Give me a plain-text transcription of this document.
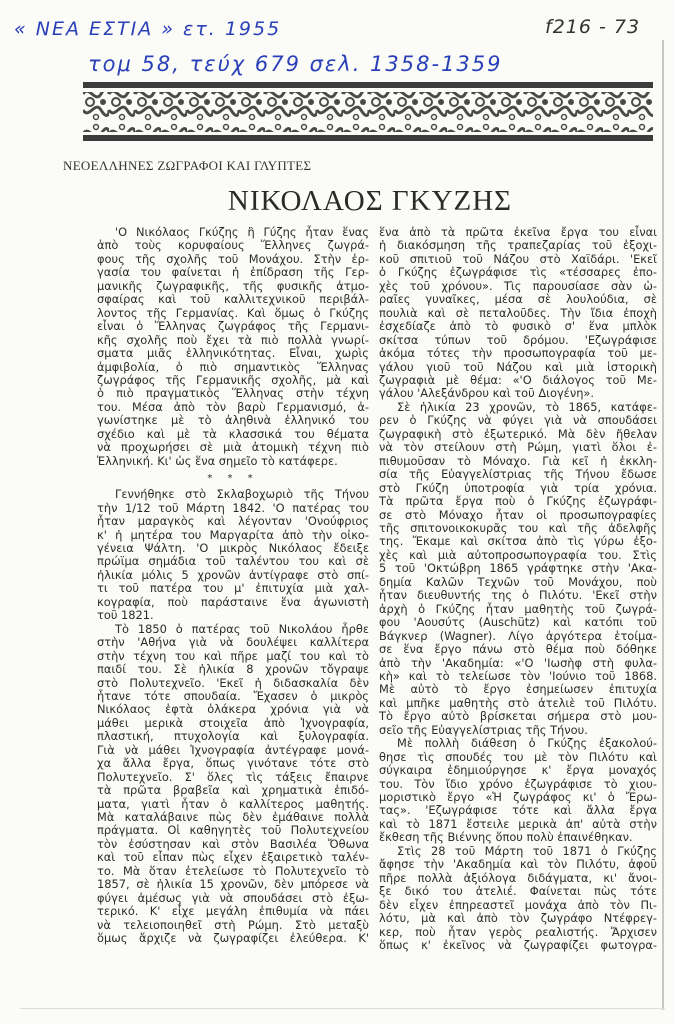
« ΝΕΑ ΕΣΤΙΑ » ετ. 1955
τομ 58, τεύχ 679 σελ. 1358-1359
f216 - 73
ΝΕΟΕΛΛΗΝΕΣ ΖΩΓΡΑΦΟΙ ΚΑΙ ΓΛΥΠΤΕΣ
ΝΙΚΟΛΑΟΣ ΓΚΥΖΗΣ
'Ο Νικόλαος Γκύζης ἢ Γύζης ἦταν ἕνας
ἀπὸ τοὺς κορυφαίους Ἕλληνες ζωγρά-
φους τῆς σχολῆς τοῦ Μονάχου. Στὴν ἐρ-
γασία του φαίνεται ἡ ἐπίδραση τῆς Γερ-
μανικῆς ζωγραφικῆς, τῆς φυσικῆς ἀτμο-
σφαίρας καὶ τοῦ καλλιτεχνικοῦ περιβάλ-
λοντος τῆς Γερμανίας. Καὶ ὅμως ὁ Γκύζης
εἶναι ὁ Ἕλληνας ζωγράφος τῆς Γερμανι-
κῆς σχολῆς ποὺ ἔχει τὰ πιὸ πολλὰ γνωρί-
σματα μιᾶς ἑλληνικότητας. Εἶναι, χωρὶς
ἀμφιβολία, ὁ πιὸ σημαντικὸς Ἕλληνας
ζωγράφος τῆς Γερμανικῆς σχολῆς, μὰ καὶ
ὁ πιὸ πραγματικὸς Ἕλληνας στὴν τέχνη
του. Μέσα ἀπὸ τὸν βαρὺ Γερμανισμό, ἀ-
γωνίστηκε μὲ τὸ ἀληθινὰ ἑλληνικό του
σχέδιο καὶ μὲ τὰ κλασσικά του θέματα
νὰ προχωρήσει σὲ μιὰ ἀτομικὴ τέχνη πιὸ
Ἑλληνική. Κι' ὡς ἕνα σημεῖο τὸ κατάφερε.
* * *
Γεννήθηκε στὸ Σκλαβοχωριὸ τῆς Τήνου
τὴν 1/12 τοῦ Μάρτη 1842. 'Ο πατέρας του
ἦταν μαραγκὸς καὶ λέγονταν 'Ονούφριος
κ' ἡ μητέρα του Μαργαρίτα ἀπὸ τὴν οἰκο-
γένεια Ψάλτη. 'Ο μικρὸς Νικόλαος ἔδειξε
πρώϊμα σημάδια τοῦ ταλέντου του καὶ σὲ
ἡλικία μόλις 5 χρονῶν ἀντίγραφε στὸ σπί-
τι τοῦ πατέρα του μ' ἐπιτυχία μιὰ χαλ-
κογραφία, ποὺ παράσταινε ἕνα ἀγωνιστὴ
τοῦ 1821.
Τὸ 1850 ὁ πατέρας τοῦ Νικολάου ἦρθε
στὴν 'Αθήνα γιὰ νὰ δουλέψει καλλίτερα
στὴν τέχνη του καὶ πῆρε μαζί του καὶ τὸ
παιδί του. Σὲ ἡλικία 8 χρονῶν τὄγραψε
στὸ Πολυτεχνεῖο. 'Εκεῖ ἡ διδασκαλία δὲν
ἦτανε τότε σπουδαία. Ἔχασεν ὁ μικρὸς
Νικόλαος ἑφτὰ ὁλάκερα χρόνια γιὰ νὰ
μάθει μερικὰ στοιχεῖα ἀπὸ Ἰχνογραφία,
πλαστική, πτυχολογία καὶ ξυλογραφία.
Γιὰ νὰ μάθει Ἰχνογραφία ἀντέγραφε μονά-
χα ἄλλα ἔργα, ὅπως γινότανε τότε στὸ
Πολυτεχνεῖο. Σ' ὅλες τὶς τάξεις ἔπαιρνε
τὰ πρῶτα βραβεῖα καὶ χρηματικὰ ἐπιδό-
ματα, γιατὶ ἦταν ὁ καλλίτερος μαθητής.
Μὰ καταλάβαινε πὼς δὲν ἐμάθαινε πολλὰ
πράγματα. Οἱ καθηγητὲς τοῦ Πολυτεχνείου
τὸν ἐσύστησαν καὶ στὸν Βασιλέα Ὄθωνα
καὶ τοῦ εἶπαν πὼς εἶχεν ἐξαιρετικὸ ταλέν-
το. Μὰ ὅταν ἐτελείωσε τὸ Πολυτεχνεῖο τὸ
1857, σὲ ἡλικία 15 χρονῶν, δὲν μπόρεσε νὰ
φύγει ἀμέσως γιὰ νὰ σπουδάσει στὸ ἐξω-
τερικό. Κ' εἶχε μεγάλη ἐπιθυμία νὰ πάει
νὰ τελειοποιηθεῖ στὴ Ρώμη. Στὸ μεταξὺ
ὅμως ἄρχιζε νὰ ζωγραφίζει ἐλεύθερα. Κ'
ἕνα ἀπὸ τὰ πρῶτα ἐκεῖνα ἔργα του εἶναι
ἡ διακόσμηση τῆς τραπεζαρίας τοῦ ἐξοχι-
κοῦ σπιτιοῦ τοῦ Νάζου στὸ Χαϊδάρι. 'Εκεῖ
ὁ Γκύζης ἐζωγράφισε τὶς «τέσσαρες ἐπο-
χὲς τοῦ χρόνου». Τὶς παρουσίασε σὰν ὡ-
ραῖες γυναῖκες, μέσα σὲ λουλούδια, σὲ
πουλιὰ καὶ σὲ πεταλοῦδες. Τὴν ἴδια ἐποχὴ
ἐσχεδίαζε ἀπὸ τὸ φυσικὸ σ' ἕνα μπλὸκ
σκίτσα τύπων τοῦ δρόμου. 'Εζωγράφισε
ἀκόμα τότες τὴν προσωπογραφία τοῦ με-
γάλου γιοῦ τοῦ Νάζου καὶ μιὰ ἱστορικὴ
ζωγραφιὰ μὲ θέμα: «'Ο διάλογος τοῦ Με-
γάλου 'Αλεξάνδρου καὶ τοῦ Διογένη».
Σὲ ἡλικία 23 χρονῶν, τὸ 1865, κατάφε-
ρεν ὁ Γκύζης νὰ φύγει γιὰ νὰ σπουδάσει
ζωγραφικὴ στὸ ἐξωτερικό. Μὰ δὲν ἤθελαν
νὰ τὸν στείλουν στὴ Ρώμη, γιατὶ ὅλοι ἐ-
πιθυμοῦσαν τὸ Μόναχο. Γιὰ κεῖ ἡ ἐκκλη-
σία τῆς Εὐαγγελίστριας τῆς Τήνου ἔδωσε
στὸ Γκύζη ὑποτροφία γιὰ τρία χρόνια.
Τὰ πρῶτα ἔργα ποὺ ὁ Γκύζης ἐζωγράφι-
σε στὸ Μόναχο ἦταν οἱ προσωπογραφίες
τῆς σπιτονοικοκυρᾶς του καὶ τῆς ἀδελφῆς
της. Ἔκαμε καὶ σκίτσα ἀπὸ τὶς γύρω ἐξο-
χὲς καὶ μιὰ αὐτοπροσωπογραφία του. Στὶς
5 τοῦ 'Οκτώβρη 1865 γράφτηκε στὴν 'Ακα-
δημία Καλῶν Τεχνῶν τοῦ Μονάχου, ποὺ
ἦταν διευθυντής της ὁ Πιλότυ. 'Εκεῖ στὴν
ἀρχὴ ὁ Γκύζης ἦταν μαθητὴς τοῦ ζωγρά-
φου 'Αουσύτς (Auschütz) καὶ κατόπι τοῦ
Βάγκνερ (Wagner). Λίγο ἀργότερα ἑτοίμα-
σε ἕνα ἔργο πάνω στὸ θέμα ποὺ δόθηκε
ἀπὸ τὴν 'Ακαδημία: «'Ο 'Ιωσὴφ στὴ φυλα-
κὴ» καὶ τὸ τελείωσε τὸν 'Ιούνιο τοῦ 1868.
Μὲ αὐτὸ τὸ ἔργο ἐσημείωσεν ἐπιτυχία
καὶ μπῆκε μαθητὴς στὸ ἀτελιὲ τοῦ Πιλότυ.
Τὸ ἔργο αὐτὸ βρίσκεται σήμερα στὸ μου-
σεῖο τῆς Εὐαγγελίστριας τῆς Τήνου.
Μὲ πολλὴ διάθεση ὁ Γκύζης ἐξακολού-
θησε τὶς σπουδές του μὲ τὸν Πιλότυ καὶ
σύγκαιρα ἐδημιούργησε κ' ἔργα μοναχός
του. Τὸν ἴδιο χρόνο ἐζωγράφισε τὸ χιου-
μοριστικὸ ἔργο «Ἡ ζωγράφος κι' ὁ Ἔρω-
τας». 'Εζωγράφισε τότε καὶ ἄλλα ἔργα
καὶ τὸ 1871 ἔστειλε μερικὰ ἀπ' αὐτὰ στὴν
ἔκθεση τῆς Βιέννης ὅπου πολὺ ἐπαινέθηκαν.
Στὶς 28 τοῦ Μάρτη τοῦ 1871 ὁ Γκύζης
ἄφησε τὴν 'Ακαδημία καὶ τὸν Πιλότυ, ἀφοῦ
πῆρε πολλὰ ἀξιόλογα διδάγματα, κι' ἄνοι-
ξε δικό του ἀτελιέ. Φαίνεται πὼς τότε
δὲν εἶχεν ἐπηρεαστεῖ μονάχα ἀπὸ τὸν Πι-
λότυ, μὰ καὶ ἀπὸ τὸν ζωγράφο Ντέφρεγ-
κερ, ποὺ ἦταν γερὸς ρεαλιστής. Ἄρχισεν
ὅπως κ' ἐκεῖνος νὰ ζωγραφίζει φωτογρα-
